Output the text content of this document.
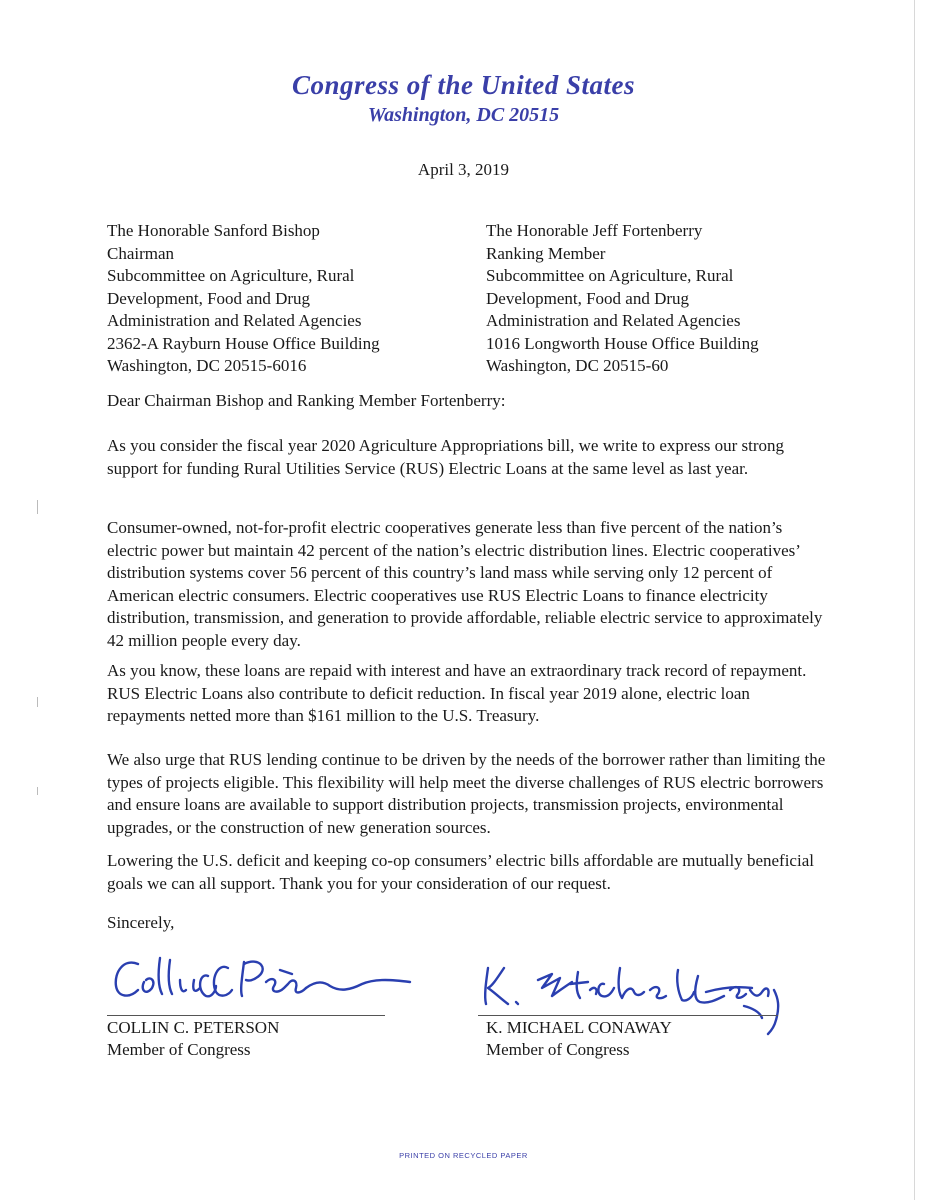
Congress of the United States
Washington, DC 20515
April 3, 2019
The Honorable Sanford Bishop
Chairman
Subcommittee on Agriculture, Rural
Development, Food and Drug
Administration and Related Agencies
2362-A Rayburn House Office Building
Washington, DC 20515-6016
The Honorable Jeff Fortenberry
Ranking Member
Subcommittee on Agriculture, Rural
Development, Food and Drug
Administration and Related Agencies
1016 Longworth House Office Building
Washington, DC 20515-60
Dear Chairman Bishop and Ranking Member Fortenberry:
As you consider the fiscal year 2020 Agriculture Appropriations bill, we write to express our strong support for funding Rural Utilities Service (RUS) Electric Loans at the same level as last year.
Consumer-owned, not-for-profit electric cooperatives generate less than five percent of the nation’s electric power but maintain 42 percent of the nation’s electric distribution lines. Electric cooperatives’ distribution systems cover 56 percent of this country’s land mass while serving only 12 percent of American electric consumers. Electric cooperatives use RUS Electric Loans to finance electricity distribution, transmission, and generation to provide affordable, reliable electric service to approximately 42 million people every day.
As you know, these loans are repaid with interest and have an extraordinary track record of repayment. RUS Electric Loans also contribute to deficit reduction. In fiscal year 2019 alone, electric loan repayments netted more than $161 million to the U.S. Treasury.
We also urge that RUS lending continue to be driven by the needs of the borrower rather than limiting the types of projects eligible. This flexibility will help meet the diverse challenges of RUS electric borrowers and ensure loans are available to support distribution projects, transmission projects, environmental upgrades, or the construction of new generation sources.
Lowering the U.S. deficit and keeping co-op consumers’ electric bills affordable are mutually beneficial goals we can all support. Thank you for your consideration of our request.
Sincerely,
COLLIN C. PETERSON
Member of Congress
K. MICHAEL CONAWAY
Member of Congress
PRINTED ON RECYCLED PAPER
